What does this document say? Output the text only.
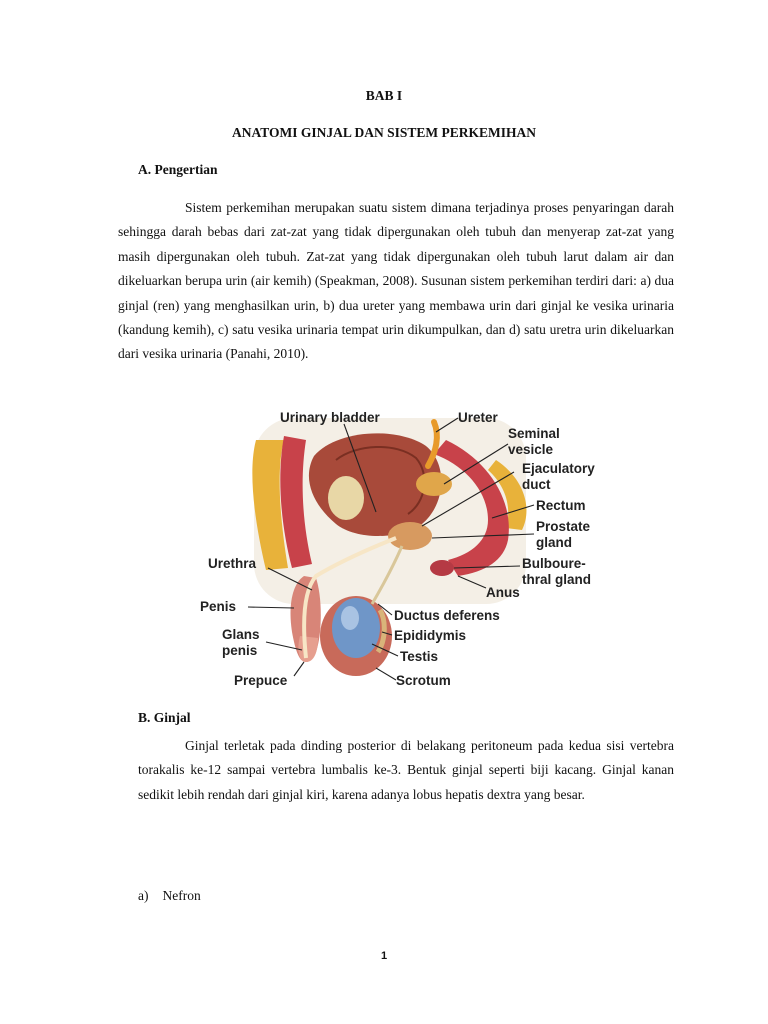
BAB I
ANATOMI GINJAL DAN SISTEM PERKEMIHAN
A. Pengertian
Sistem perkemihan merupakan suatu sistem dimana terjadinya proses penyaringan darah sehingga darah bebas dari zat-zat yang tidak dipergunakan oleh tubuh dan menyerap zat-zat yang masih dipergunakan oleh tubuh. Zat-zat yang tidak dipergunakan oleh tubuh larut dalam air dan dikeluarkan berupa urin (air kemih) (Speakman, 2008). Susunan sistem perkemihan terdiri dari: a) dua ginjal (ren) yang menghasilkan urin, b) dua ureter yang membawa urin dari ginjal ke vesika urinaria (kandung kemih), c) satu vesika urinaria tempat urin dikumpulkan, dan d) satu uretra urin dikeluarkan dari vesika urinaria (Panahi, 2010).
Urinary bladder	Ureter
Seminal
vesicle
Ejaculatory
duct
Rectum
Prostate
gland
Bulboure-
thral gland
Anus
Urethra
Penis
Ductus deferens
Glans
penis
Epididymis
Testis
Prepuce	Scrotum
B. Ginjal
Ginjal terletak pada dinding posterior di belakang peritoneum pada kedua sisi vertebra torakalis ke-12 sampai vertebra lumbalis ke-3. Bentuk ginjal seperti biji kacang. Ginjal kanan sedikit lebih rendah dari ginjal kiri, karena adanya lobus hepatis dextra yang besar.
a) Nefron
1
